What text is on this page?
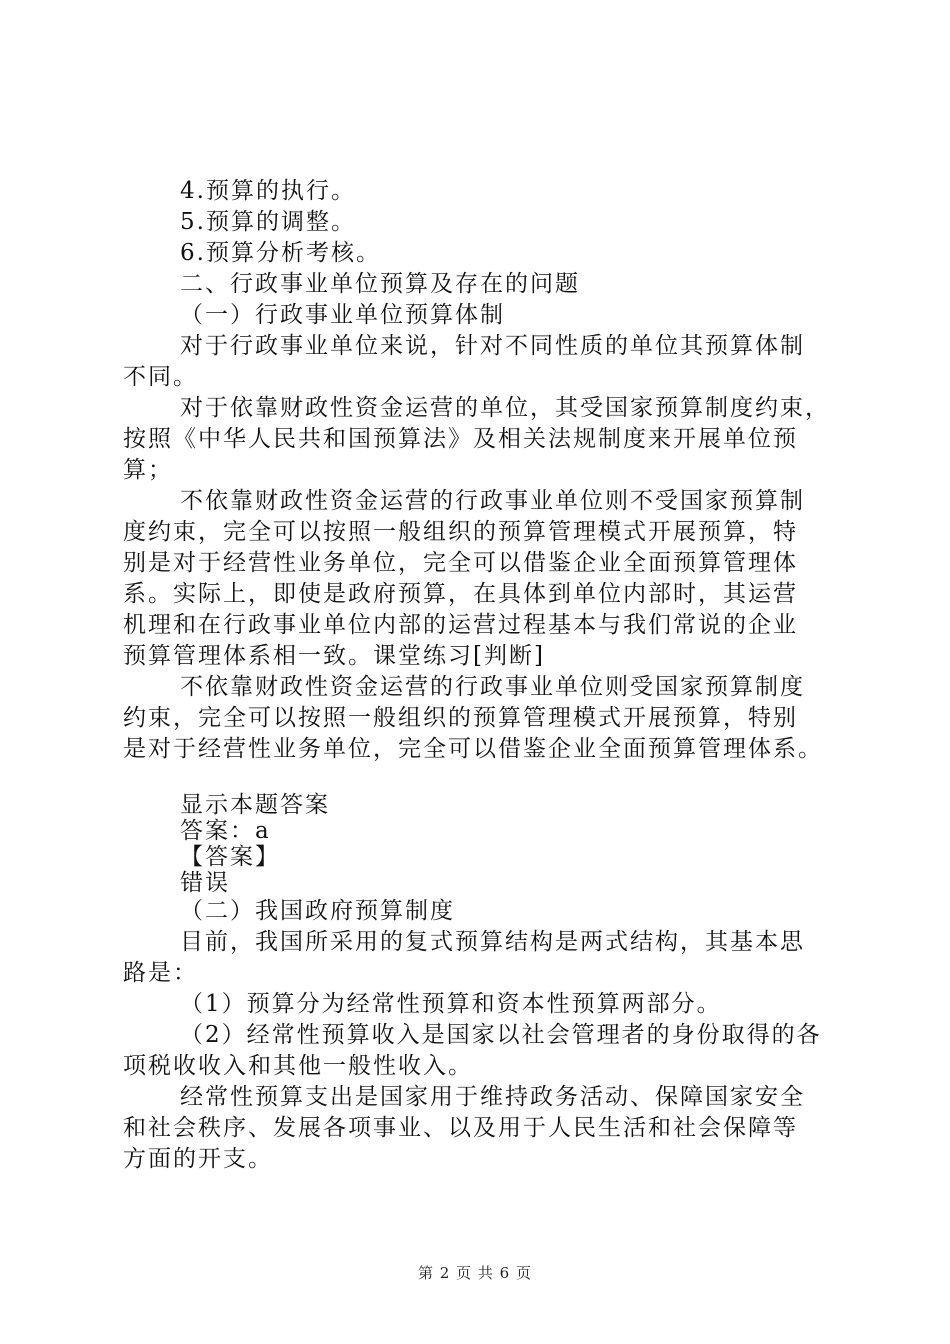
4.预算的执行。
5.预算的调整。
6.预算分析考核。
二、行政事业单位预算及存在的问题
（一）行政事业单位预算体制
对于行政事业单位来说，针对不同性质的单位其预算体制
不同。
对于依靠财政性资金运营的单位，其受国家预算制度约束，
按照《中华人民共和国预算法》及相关法规制度来开展单位预
算；
不依靠财政性资金运营的行政事业单位则不受国家预算制
度约束，完全可以按照一般组织的预算管理模式开展预算，特
别是对于经营性业务单位，完全可以借鉴企业全面预算管理体
系。实际上，即使是政府预算，在具体到单位内部时，其运营
机理和在行政事业单位内部的运营过程基本与我们常说的企业
预算管理体系相一致。课堂练习[判断]
不依靠财政性资金运营的行政事业单位则受国家预算制度
约束，完全可以按照一般组织的预算管理模式开展预算，特别
是对于经营性业务单位，完全可以借鉴企业全面预算管理体系。
显示本题答案
答案：a
【答案】
错误
（二）我国政府预算制度
目前，我国所采用的复式预算结构是两式结构，其基本思
路是：
（1）预算分为经常性预算和资本性预算两部分。
（2）经常性预算收入是国家以社会管理者的身份取得的各
项税收收入和其他一般性收入。
经常性预算支出是国家用于维持政务活动、保障国家安全
和社会秩序、发展各项事业、以及用于人民生活和社会保障等
方面的开支。
第 2 页 共 6 页
